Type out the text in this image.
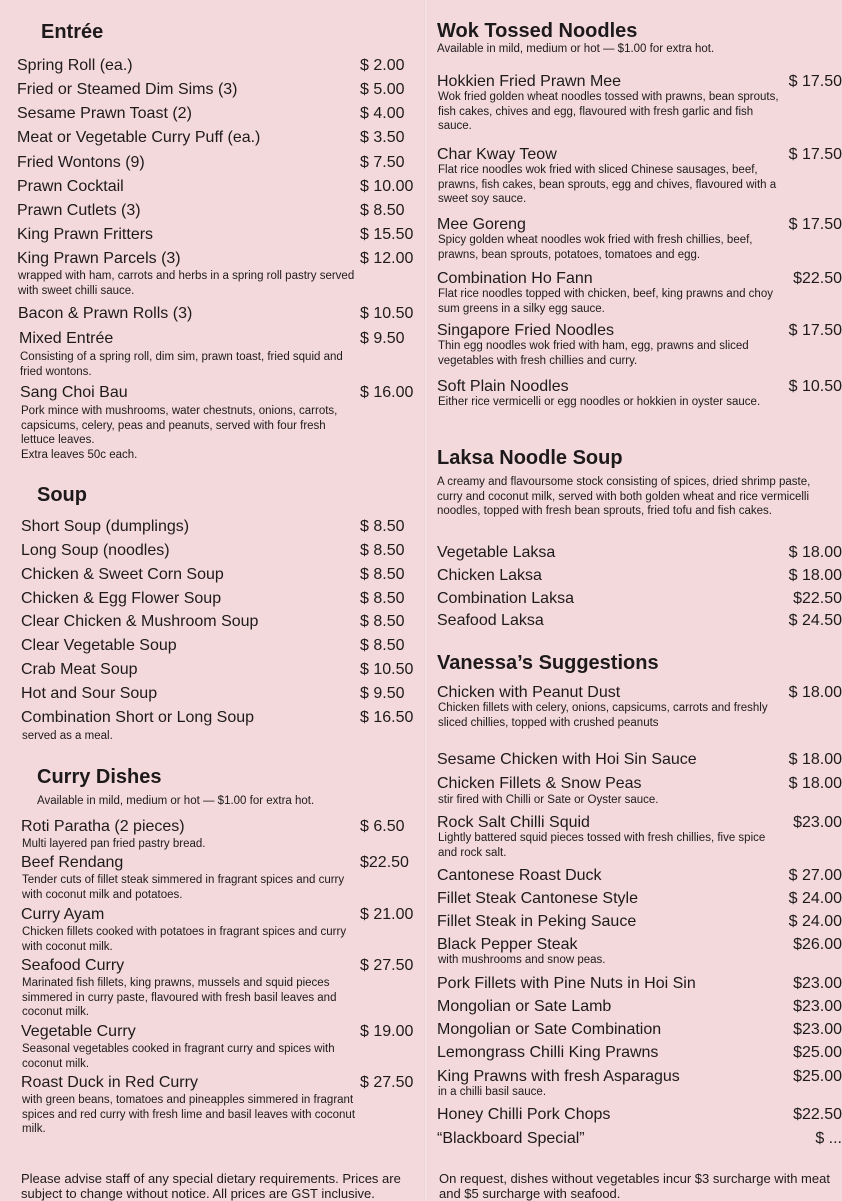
Entrée
Spring Roll (ea.)	$ 2.00
Fried or Steamed Dim Sims (3)	$ 5.00
Sesame Prawn Toast (2)	$ 4.00
Meat or Vegetable Curry Puff (ea.)	$ 3.50
Fried Wontons (9)	$ 7.50
Prawn Cocktail	$ 10.00
Prawn Cutlets (3)	$ 8.50
King Prawn Fritters	$ 15.50
King Prawn Parcels (3)	$ 12.00
wrapped with ham, carrots and herbs in a spring roll pastry served with sweet chilli sauce.
Bacon & Prawn Rolls (3)	$ 10.50
Mixed Entrée	$ 9.50
Consisting of a spring roll, dim sim, prawn toast, fried squid and fried wontons.
Sang Choi Bau	$ 16.00
Pork mince with mushrooms, water chestnuts, onions, carrots, capsicums, celery, peas and peanuts, served with four fresh lettuce leaves.
Extra leaves 50c each.
Soup
Short Soup (dumplings)	$ 8.50
Long Soup (noodles)	$ 8.50
Chicken & Sweet Corn Soup	$ 8.50
Chicken & Egg Flower Soup	$ 8.50
Clear Chicken & Mushroom Soup	$ 8.50
Clear Vegetable Soup	$ 8.50
Crab Meat Soup	$ 10.50
Hot and Sour Soup	$ 9.50
Combination Short or Long Soup	$ 16.50
served as a meal.
Curry Dishes
Available in mild, medium or hot — $1.00 for extra hot.
Roti Paratha (2 pieces)	$ 6.50
Multi layered pan fried pastry bread.
Beef Rendang	$22.50
Tender cuts of fillet steak simmered in fragrant spices and curry with coconut milk and potatoes.
Curry Ayam	$ 21.00
Chicken fillets cooked with potatoes in fragrant spices and curry with coconut milk.
Seafood Curry	$ 27.50
Marinated fish fillets, king prawns, mussels and squid pieces simmered in curry paste, flavoured with fresh basil leaves and coconut milk.
Vegetable Curry	$ 19.00
Seasonal vegetables cooked in fragrant curry and spices with coconut milk.
Roast Duck in Red Curry	$ 27.50
with green beans, tomatoes and pineapples simmered in fragrant spices and red curry with fresh lime and basil leaves with coconut milk.
Wok Tossed Noodles
Available in mild, medium or hot — $1.00 for extra hot.
Hokkien Fried Prawn Mee	$ 17.50
Wok fried golden wheat noodles tossed with prawns, bean sprouts, fish cakes, chives and egg, flavoured with fresh garlic and fish sauce.
Char Kway Teow	$ 17.50
Flat rice noodles wok fried with sliced Chinese sausages, beef, prawns, fish cakes, bean sprouts, egg and chives, flavoured with a sweet soy sauce.
Mee Goreng	$ 17.50
Spicy golden wheat noodles wok fried with fresh chillies, beef, prawns, bean sprouts, potatoes, tomatoes and egg.
Combination Ho Fann	$22.50
Flat rice noodles topped with chicken, beef, king prawns and choy sum greens in a silky egg sauce.
Singapore Fried Noodles	$ 17.50
Thin egg noodles wok fried with ham, egg, prawns and sliced vegetables with fresh chillies and curry.
Soft Plain Noodles	$ 10.50
Either rice vermicelli or egg noodles or hokkien in oyster sauce.
Laksa Noodle Soup
A creamy and flavoursome stock consisting of spices, dried shrimp paste, curry and coconut milk, served with both golden wheat and rice vermicelli noodles, topped with fresh bean sprouts, fried tofu and fish cakes.
Vegetable Laksa	$ 18.00
Chicken Laksa	$ 18.00
Combination Laksa	$22.50
Seafood Laksa	$ 24.50
Vanessa’s Suggestions
Chicken with Peanut Dust	$ 18.00
Chicken fillets with celery, onions, capsicums, carrots and freshly sliced chillies, topped with crushed peanuts
Sesame Chicken with Hoi Sin Sauce	$ 18.00
Chicken Fillets & Snow Peas	$ 18.00
stir fired with Chilli or Sate or Oyster sauce.
Rock Salt Chilli Squid	$23.00
Lightly battered squid pieces tossed with fresh chillies, five spice and rock salt.
Cantonese Roast Duck	$ 27.00
Fillet Steak Cantonese Style	$ 24.00
Fillet Steak in Peking Sauce	$ 24.00
Black Pepper Steak	$26.00
with mushrooms and snow peas.
Pork Fillets with Pine Nuts in Hoi Sin	$23.00
Mongolian or Sate Lamb	$23.00
Mongolian or Sate Combination	$23.00
Lemongrass Chilli King Prawns	$25.00
King Prawns with fresh Asparagus	$25.00
in a chilli basil sauce.
Honey Chilli Pork Chops	$22.50
“Blackboard Special”	$ ...
Please advise staff of any special dietary requirements. Prices are subject to change without notice. All prices are GST inclusive.
On request, dishes without vegetables incur $3 surcharge with meat and $5 surcharge with seafood.
